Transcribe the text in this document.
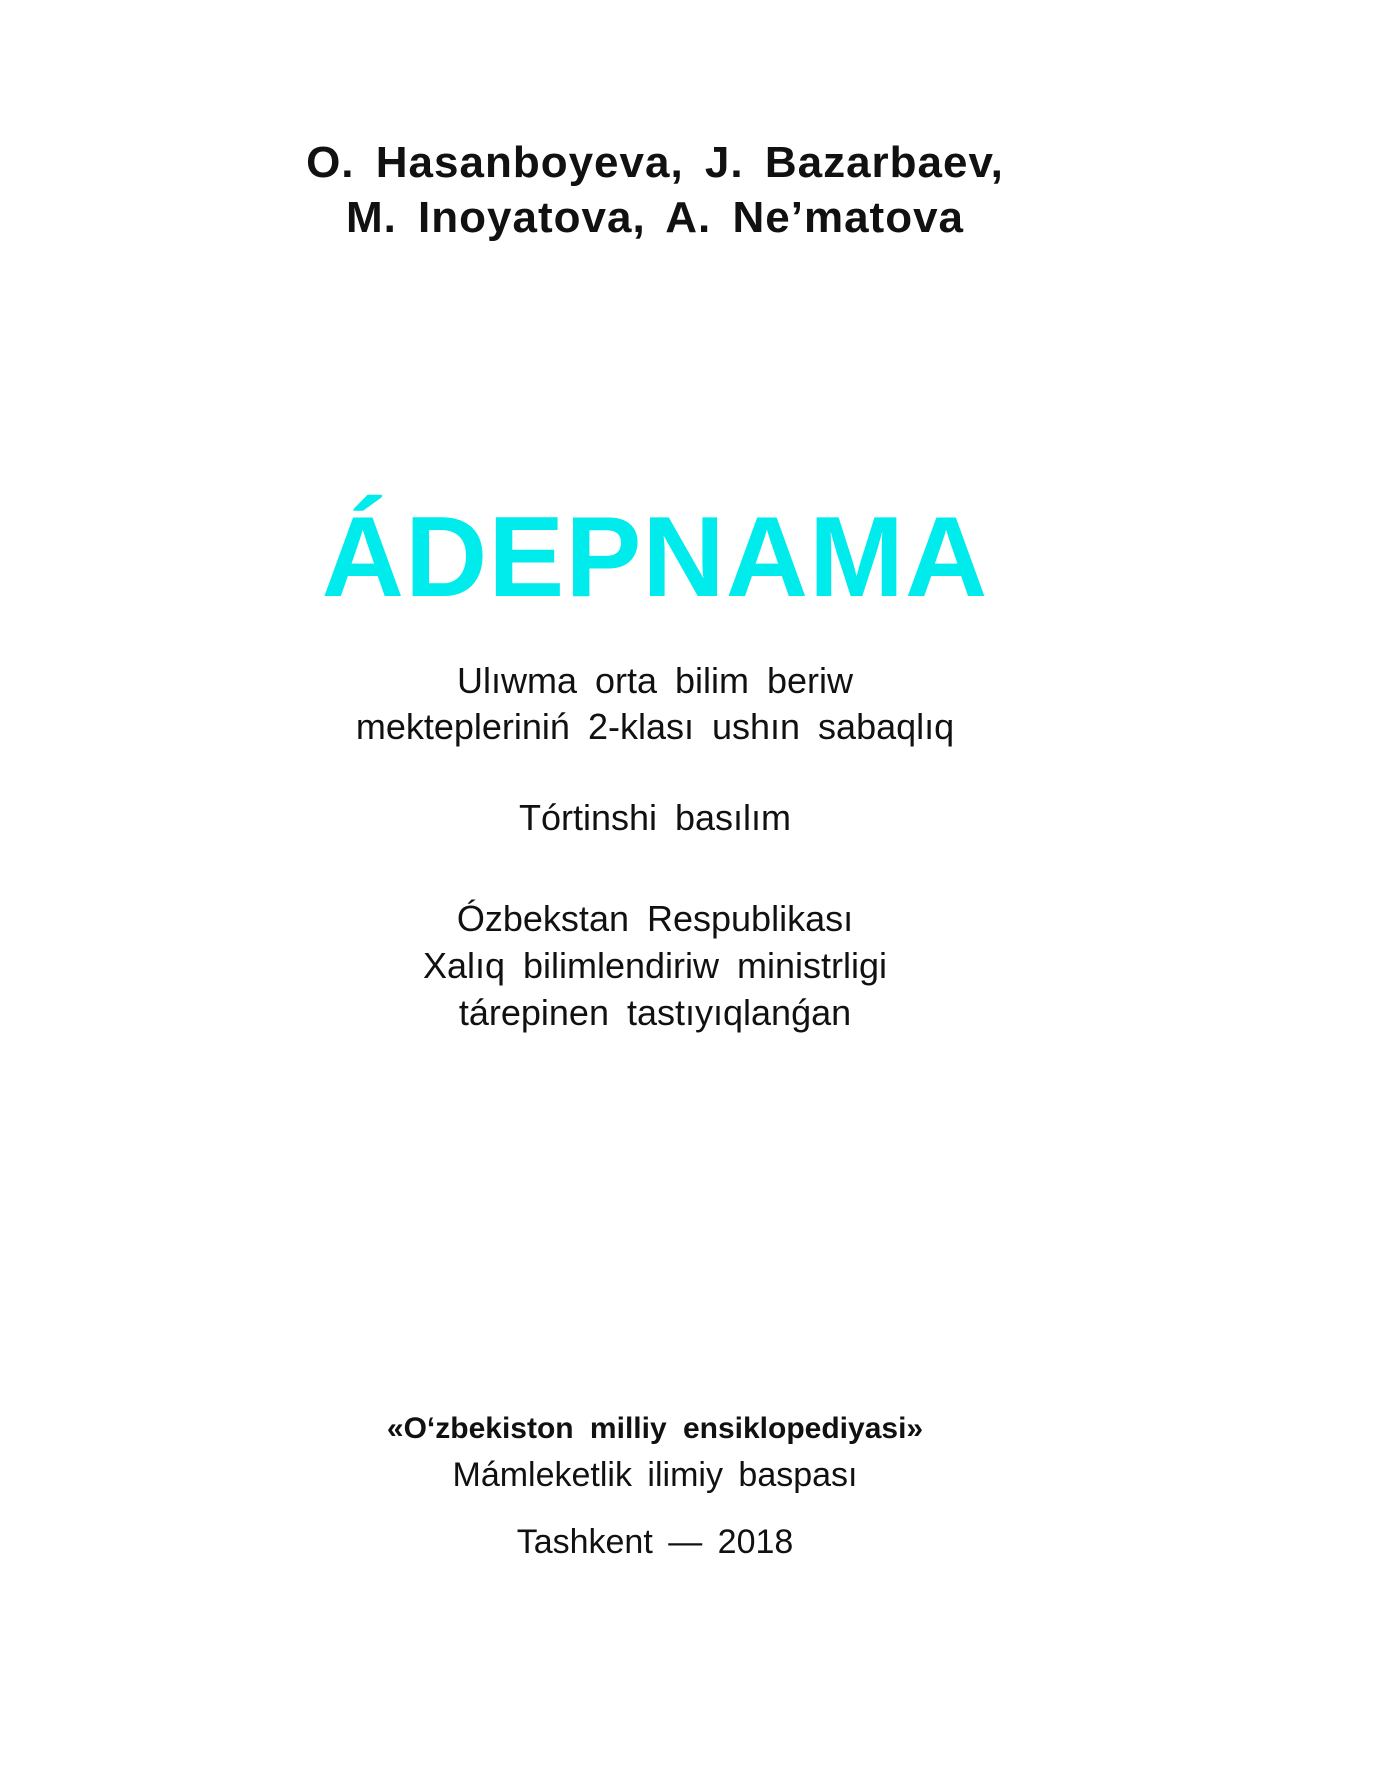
O. Hasanboyeva, J. Bazarbaev,
M. Inoyatova, A. Ne’matova
ÁDEPNAMA
Ulıwma orta bilim beriw
mektepleriniń 2-klası ushın sabaqlıq
Tórtinshi basılım
Ózbekstan Respublikası
Xalıq bilimlendiriw ministrligi
tárepinen tastıyıqlanǵan
«O‘zbekiston milliy ensiklopediyasi»
Mámleketlik ilimiy baspası
Tashkent — 2018
